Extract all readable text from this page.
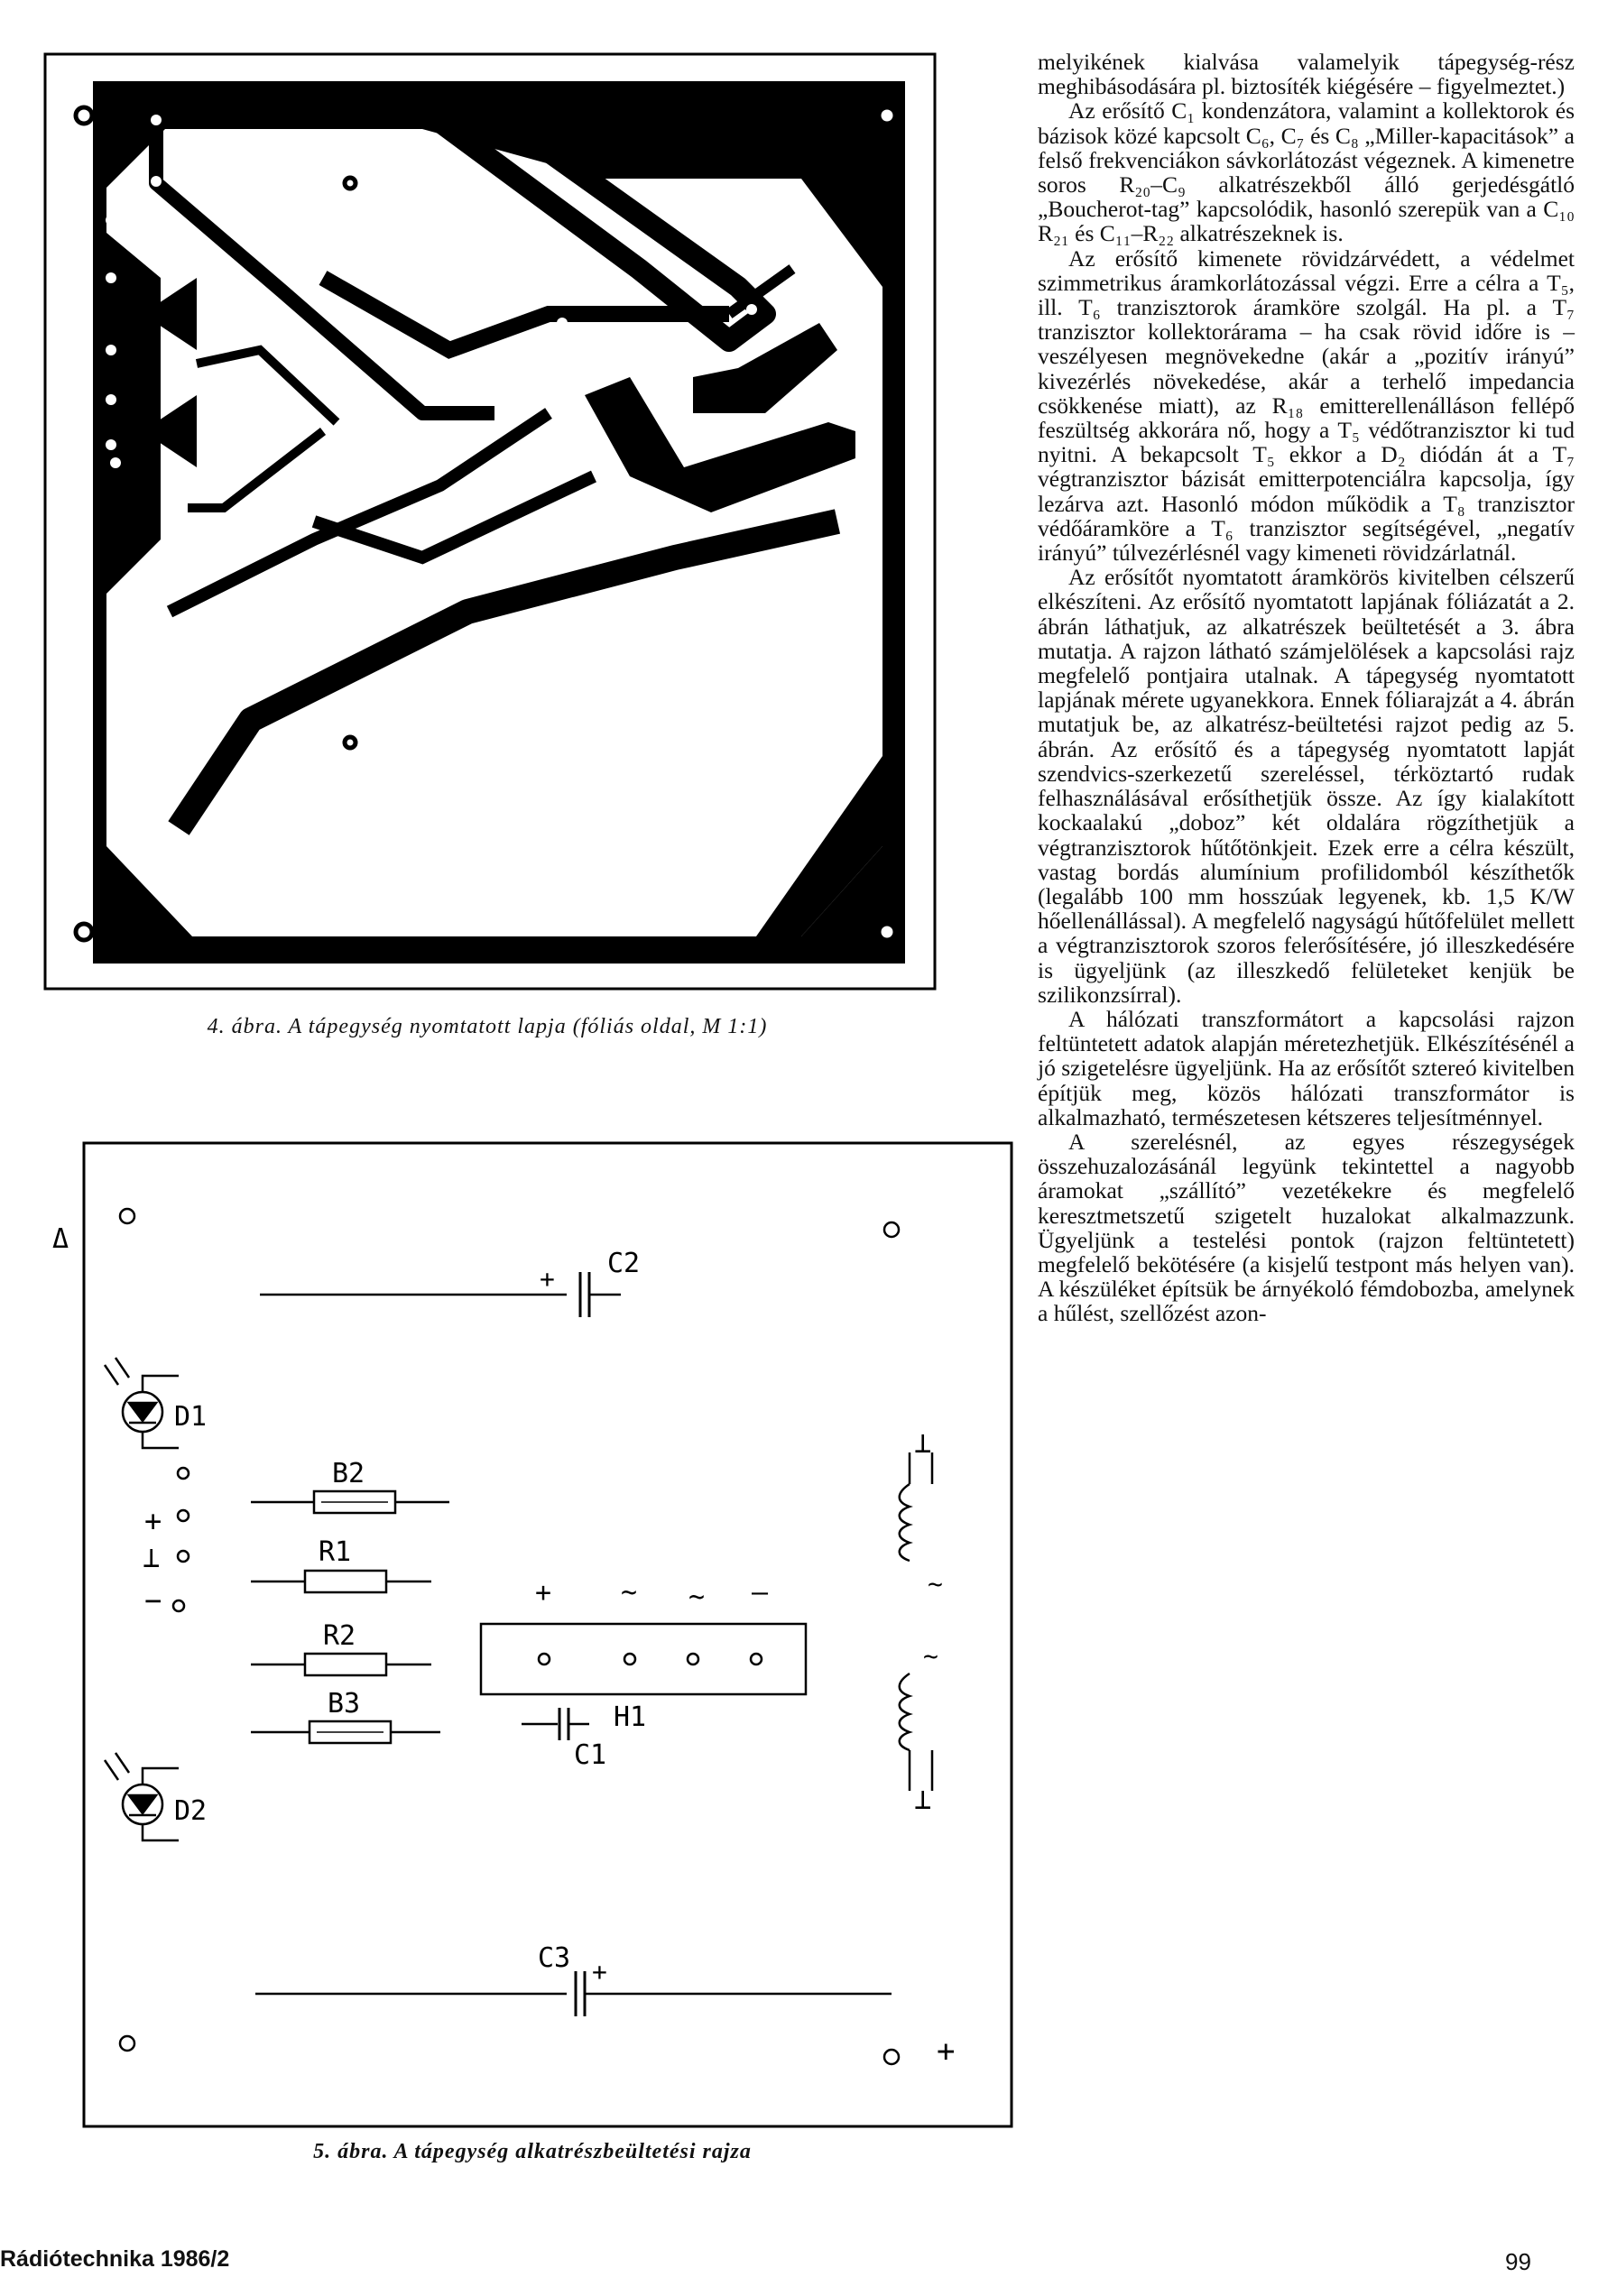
4. ábra. A tápegység nyomtatott lapja (fóliás oldal, M 1:1)
Δ
+
+ C2
D1
B2
R1
R2
B3
+
⊥
−	+	~ ~ –
H1
C1
D2
⊥
~
~
⊥
C3 +
5. ábra. A tápegység alkatrészbeültetési rajza

melyikének kialvása valamelyik tápegység-rész meghibásodására pl. biztosíték kiégésére – figyelmeztet.)

Az erősítő C₁ kondenzátora, valamint a kollektorok és bázisok közé kapcsolt C₆, C₇ és C₈ „Miller-kapacitások” a felső frekvenciákon sávkorlátozást végeznek. A kimenetre soros R₂₀–C₉ alkatrészekből álló gerjedésgátló „Boucherot-tag” kapcsolódik, hasonló szerepük van a C₁₀ R₂₁ és C₁₁–R₂₂ alkatrészeknek is.

Az erősítő kimenete rövidzárvédett, a védelmet szimmetrikus áramkorlátozással végzi. Erre a célra a T₅, ill. T₆ tranzisztorok áramköre szolgál. Ha pl. a T₇ tranzisztor kollektorárama – ha csak rövid időre is – veszélyesen megnövekedne (akár a „pozitív irányú” kivezérlés növekedése, akár a terhelő impedancia csökkenése miatt), az R₁₈ emitterellenálláson fellépő feszültség akkorára nő, hogy a T₅ védőtranzisztor ki tud nyitni. A bekapcsolt T₅ ekkor a D₂ diódán át a T₇ végtranzisztor bázisát emitterpotenciálra kapcsolja, így lezárva azt. Hasonló módon működik a T₈ tranzisztor védőáramköre a T₆ tranzisztor segítségével, „negatív irányú” túlvezérlésnél vagy kimeneti rövidzárlatnál.

Az erősítőt nyomtatott áramkörös kivitelben célszerű elkészíteni. Az erősítő nyomtatott lapjának fóliázatát a 2. ábrán láthatjuk, az alkatrészek beültetését a 3. ábra mutatja. A rajzon látható számjelölések a kapcsolási rajz megfelelő pontjaira utalnak. A tápegység nyomtatott lapjának mérete ugyanekkora. Ennek fóliarajzát a 4. ábrán mutatjuk be, az alkatrész-beültetési rajzot pedig az 5. ábrán. Az erősítő és a tápegység nyomtatott lapját szendvics-szerkezetű szereléssel, térköztartó rudak felhasználásával erősíthetjük össze. Az így kialakított kockaalakú „doboz” két oldalára rögzíthetjük a végtranzisztorok hűtőtönkjeit. Ezek erre a célra készült, vastag bordás alumínium profilidomból készíthetők (legalább 100 mm hosszúak legyenek, kb. 1,5 K/W hőellenállással). A megfelelő nagyságú hűtőfelület mellett a végtranzisztorok szoros felerősítésére, jó illeszkedésére is ügyeljünk (az illeszkedő felületeket kenjük be szilikonzsírral).

A hálózati transzformátort a kapcsolási rajzon feltüntetett adatok alapján méretezhetjük. Elkészítésénél a jó szigetelésre ügyeljünk. Ha az erősítőt sztereó kivitelben építjük meg, közös hálózati transzformátor is alkalmazható, természetesen kétszeres teljesítménnyel.

A szerelésnél, az egyes részegységek összehuzalozásánál legyünk tekintettel a nagyobb áramokat „szállító” vezetékekre és megfelelő keresztmetszetű szigetelt huzalokat alkalmazzunk. Ügyeljünk a testelési pontok (rajzon feltüntetett) megfelelő bekötésére (a kisjelű testpont más helyen van). A készüléket építsük be árnyékoló fémdobozba, amelynek a hűlést, szellőzést azon-

Rádiótechnika 1986/2	99
